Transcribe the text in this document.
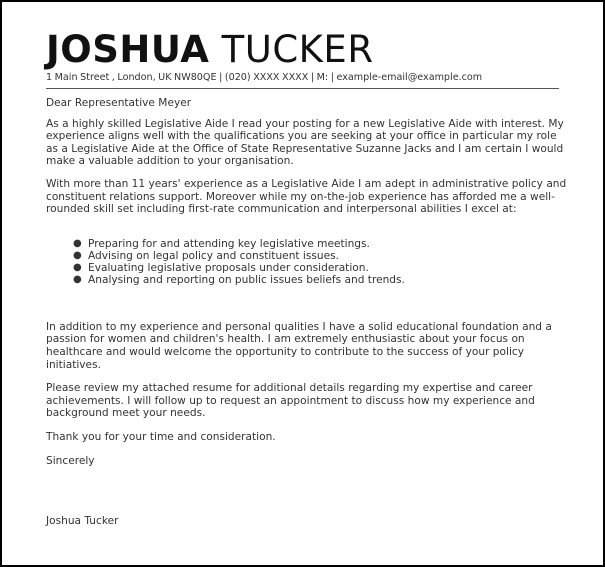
JOSHUA TUCKER
1 Main Street , London, UK NW80QE | (020) XXXX XXXX | M: | example-email@example.com

Dear Representative Meyer

As a highly skilled Legislative Aide I read your posting for a new Legislative Aide with interest. My experience aligns well with the qualifications you are seeking at your office in particular my role as a Legislative Aide at the Office of State Representative Suzanne Jacks and I am certain I would make a valuable addition to your organisation.

With more than 11 years' experience as a Legislative Aide I am adept in administrative policy and constituent relations support. Moreover while my on-the-job experience has afforded me a well-rounded skill set including first-rate communication and interpersonal abilities I excel at:

● Preparing for and attending key legislative meetings.
● Advising on legal policy and constituent issues.
● Evaluating legislative proposals under consideration.
● Analysing and reporting on public issues beliefs and trends.

In addition to my experience and personal qualities I have a solid educational foundation and a passion for women and children's health. I am extremely enthusiastic about your focus on healthcare and would welcome the opportunity to contribute to the success of your policy initiatives.

Please review my attached resume for additional details regarding my expertise and career achievements. I will follow up to request an appointment to discuss how my experience and background meet your needs.

Thank you for your time and consideration.

Sincerely

Joshua Tucker
